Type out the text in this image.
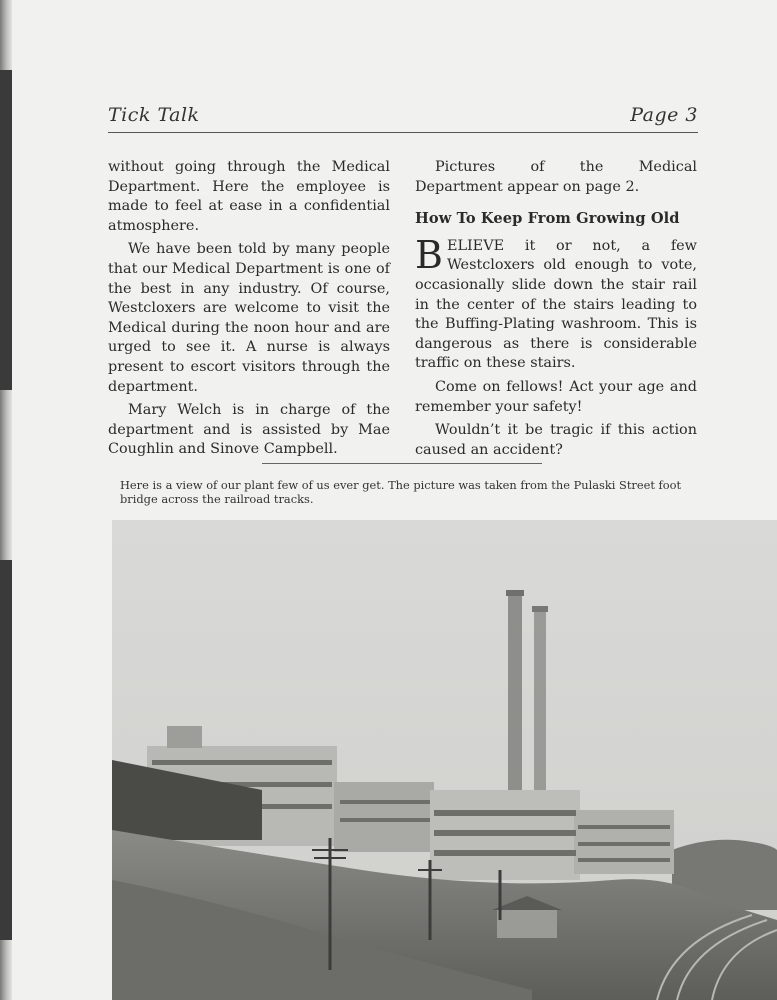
Tick Talk	Page 3

without going through the Medical Department. Here the employee is made to feel at ease in a confidential atmosphere.

We have been told by many people that our Medical Department is one of the best in any industry. Of course, Westcloxers are welcome to visit the Medical during the noon hour and are urged to see it. A nurse is always present to escort visitors through the department.

Mary Welch is in charge of the department and is assisted by Mae Coughlin and Sinove Campbell.

Pictures of the Medical Department appear on page 2.

How To Keep From Growing Old

BELIEVE it or not, a few Westcloxers old enough to vote, occasionally slide down the stair rail in the center of the stairs leading to the Buffing-Plating washroom. This is dangerous as there is considerable traffic on these stairs.

Come on fellows! Act your age and remember your safety!

Wouldn’t it be tragic if this action caused an accident?

Here is a view of our plant few of us ever get. The picture was taken from the Pulaski Street foot bridge across the railroad tracks.
